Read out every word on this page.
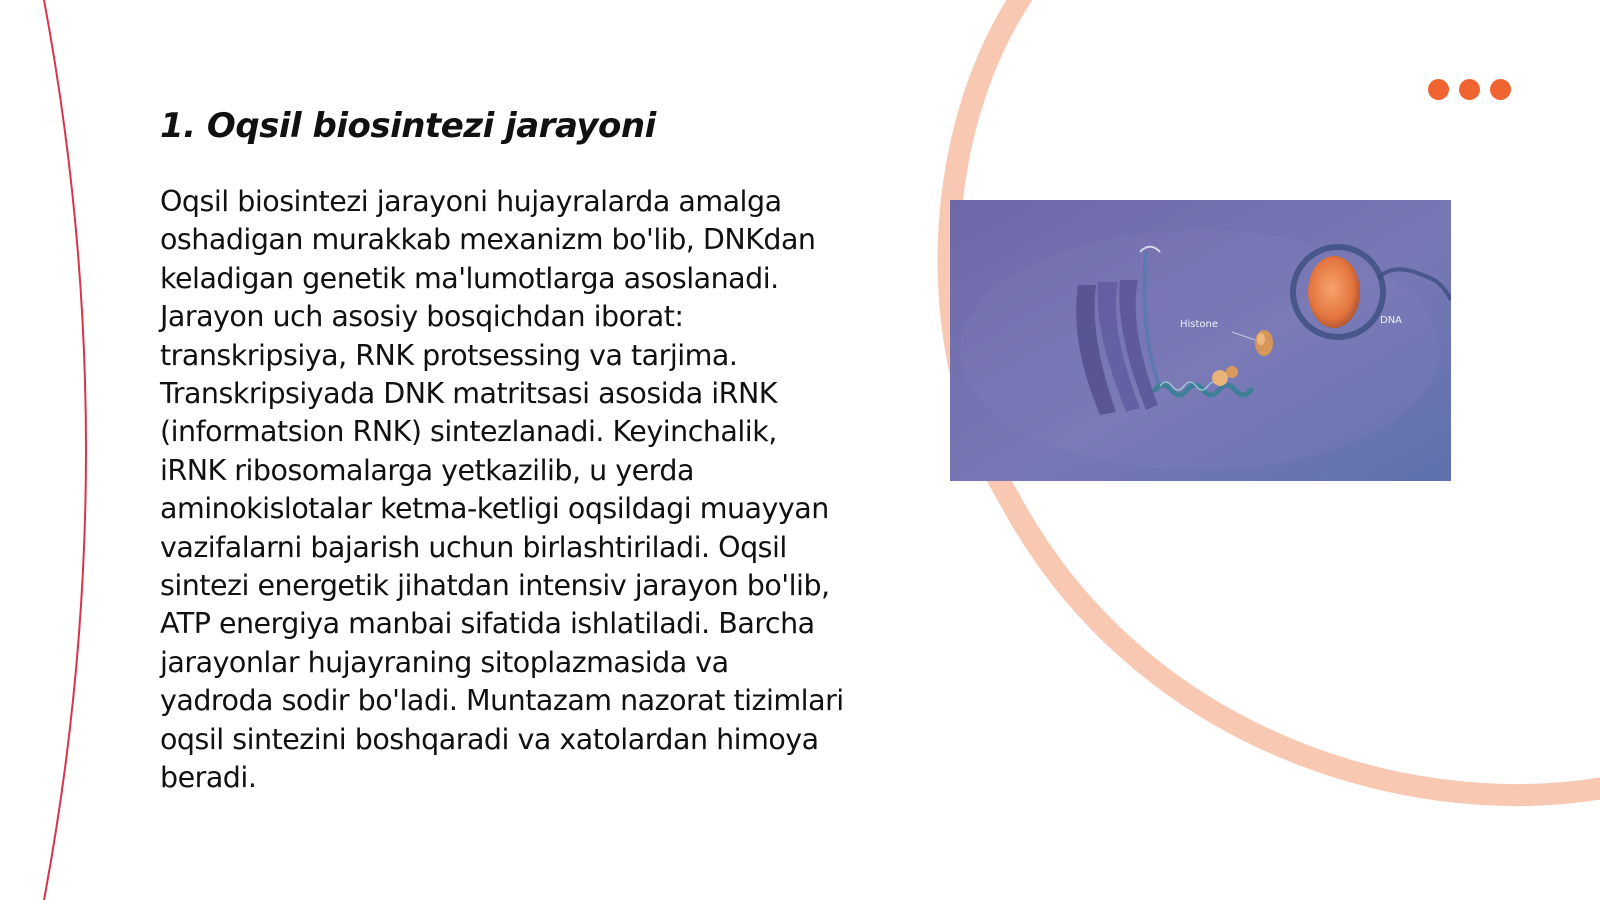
1. Oqsil biosintezi jarayoni

Oqsil biosintezi jarayoni hujayralarda amalga oshadigan murakkab mexanizm bo'lib, DNKdan keladigan genetik ma'lumotlarga asoslanadi. Jarayon uch asosiy bosqichdan iborat: transkripsiya, RNK protsessing va tarjima. Transkripsiyada DNK matritsasi asosida iRNK (informatsion RNK) sintezlanadi. Keyinchalik, iRNK ribosomalarga yetkazilib, u yerda aminokislotalar ketma-ketligi oqsildagi muayyan vazifalarni bajarish uchun birlashtiriladi. Oqsil sintezi energetik jihatdan intensiv jarayon bo'lib, ATP energiya manbai sifatida ishlatiladi. Barcha jarayonlar hujayraning sitoplazmasida va yadroda sodir bo'ladi. Muntazam nazorat tizimlari oqsil sintezini boshqaradi va xatolardan himoya beradi.

Histone	DNA
